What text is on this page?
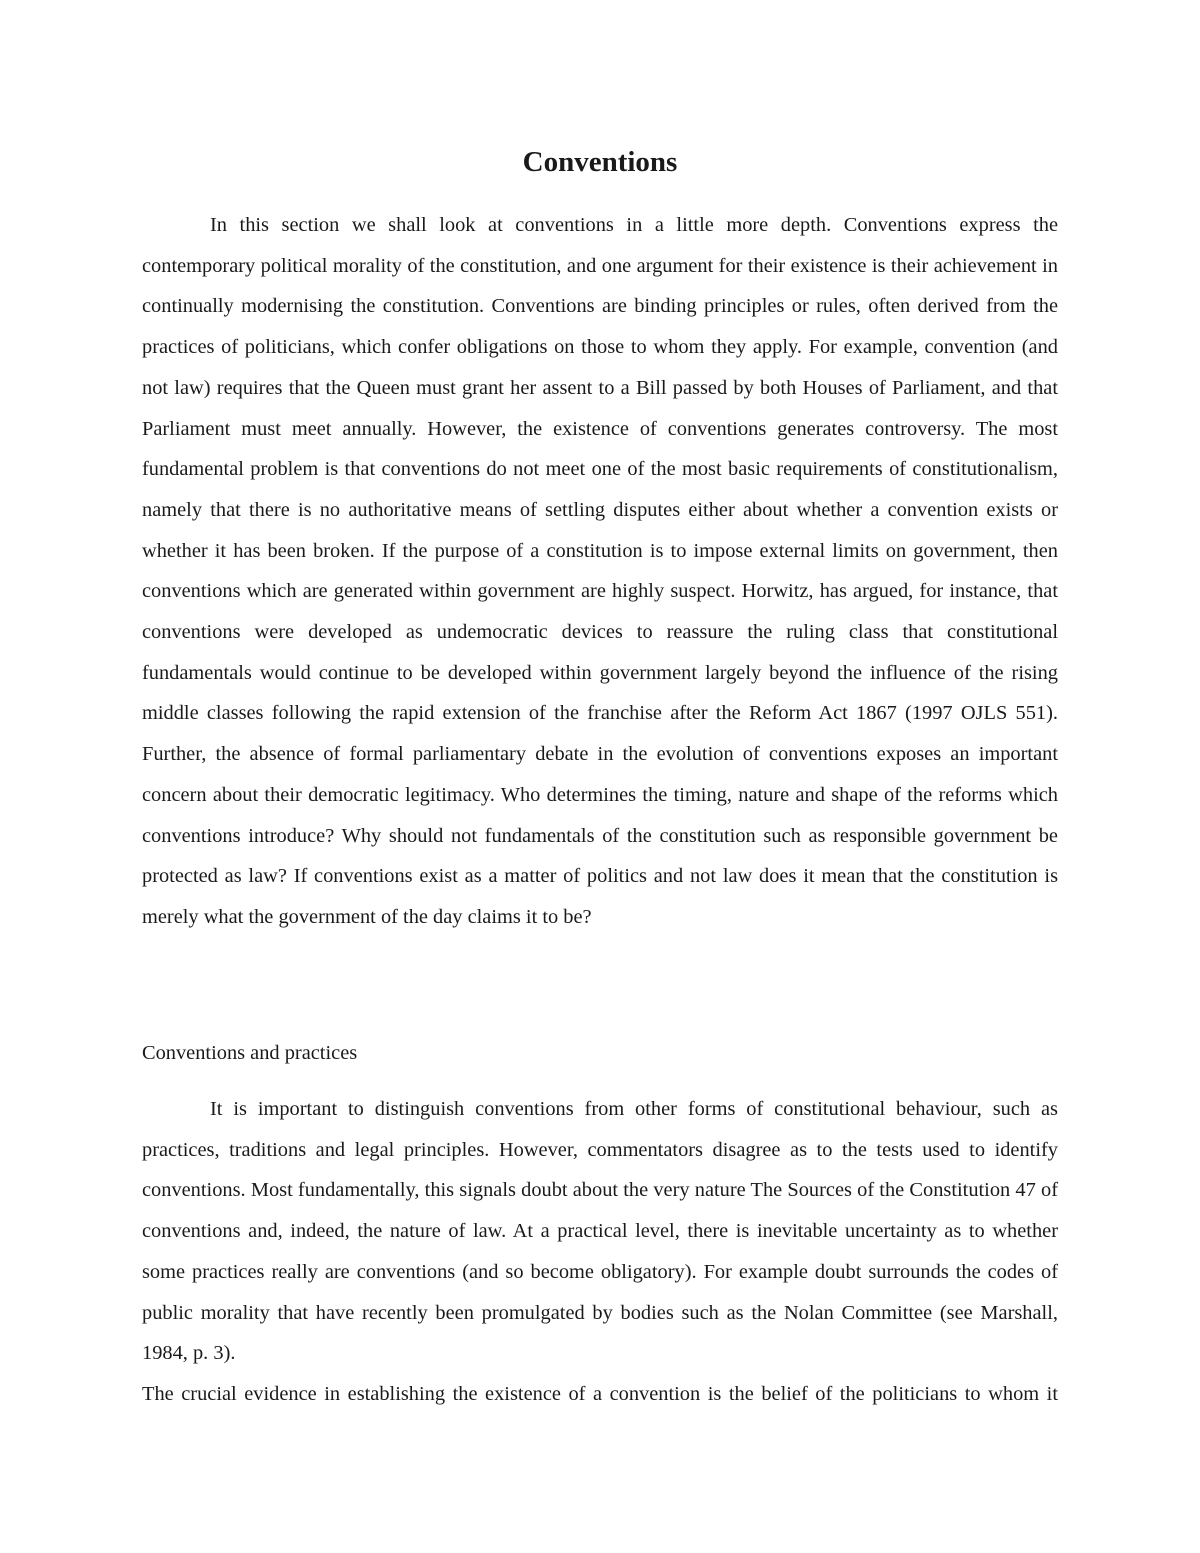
Conventions

In this section we shall look at conventions in a little more depth. Conventions express the contemporary political morality of the constitution, and one argument for their existence is their achievement in continually modernising the constitution. Conventions are binding principles or rules, often derived from the practices of politicians, which confer obligations on those to whom they apply. For example, convention (and not law) requires that the Queen must grant her assent to a Bill passed by both Houses of Parliament, and that Parliament must meet annually. However, the existence of conventions generates controversy. The most fundamental problem is that conventions do not meet one of the most basic requirements of constitutionalism, namely that there is no authoritative means of settling disputes either about whether a convention exists or whether it has been broken. If the purpose of a constitution is to impose external limits on government, then conventions which are generated within government are highly suspect. Horwitz, has argued, for instance, that conventions were developed as undemocratic devices to reassure the ruling class that constitutional fundamentals would continue to be developed within government largely beyond the influence of the rising middle classes following the rapid extension of the franchise after the Reform Act 1867 (1997 OJLS 551). Further, the absence of formal parliamentary debate in the evolution of conventions exposes an important concern about their democratic legitimacy. Who determines the timing, nature and shape of the reforms which conventions introduce? Why should not fundamentals of the constitution such as responsible government be protected as law? If conventions exist as a matter of politics and not law does it mean that the constitution is merely what the government of the day claims it to be?

Conventions and practices

It is important to distinguish conventions from other forms of constitutional behaviour, such as practices, traditions and legal principles. However, commentators disagree as to the tests used to identify conventions. Most fundamentally, this signals doubt about the very nature The Sources of the Constitution 47 of conventions and, indeed, the nature of law. At a practical level, there is inevitable uncertainty as to whether some practices really are conventions (and so become obligatory). For example doubt surrounds the codes of public morality that have recently been promulgated by bodies such as the Nolan Committee (see Marshall, 1984, p. 3).

The crucial evidence in establishing the existence of a convention is the belief of the politicians to whom it
